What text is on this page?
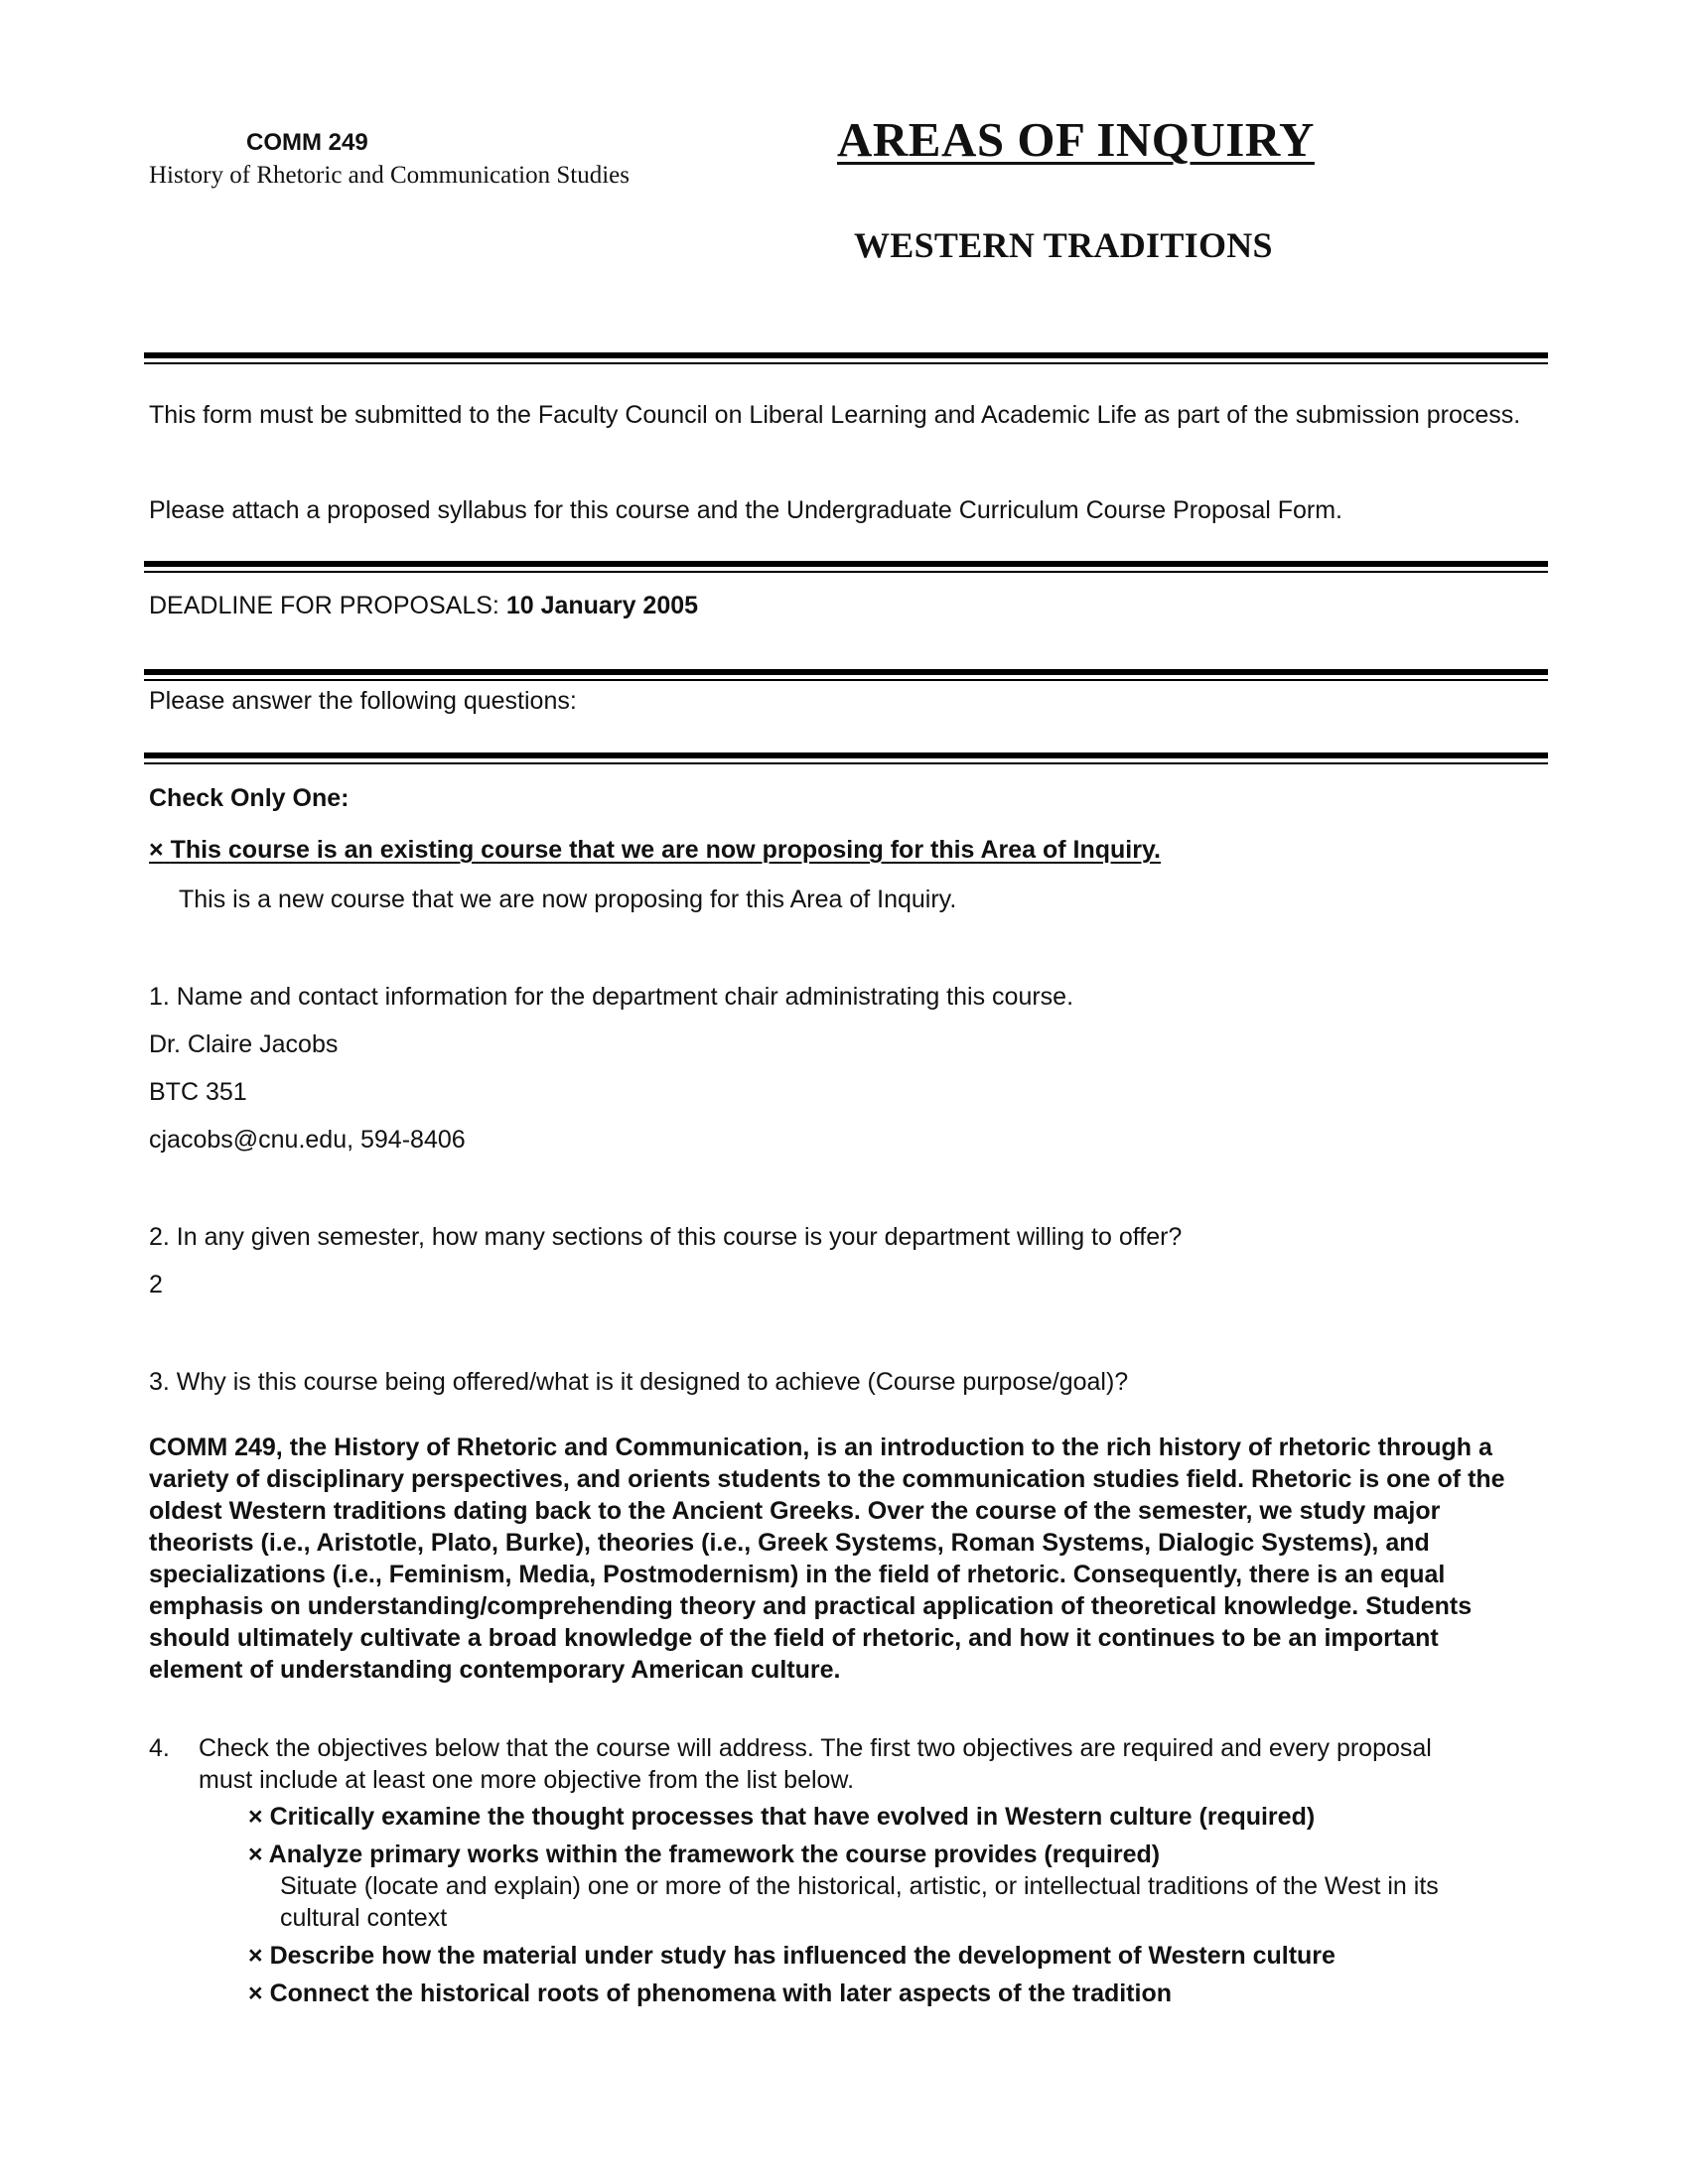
COMM 249
History of Rhetoric and Communication Studies
AREAS OF INQUIRY
WESTERN TRADITIONS
This form must be submitted to the Faculty Council on Liberal Learning and Academic Life as part of the submission process.
Please attach a proposed syllabus for this course and the Undergraduate Curriculum Course Proposal Form.
DEADLINE FOR PROPOSALS: 10 January 2005
Please answer the following questions:
Check Only One:
× This course is an existing course that we are now proposing for this Area of Inquiry.
This is a new course that we are now proposing for this Area of Inquiry.
1. Name and contact information for the department chair administrating this course.
Dr. Claire Jacobs
BTC 351
cjacobs@cnu.edu, 594-8406
2. In any given semester, how many sections of this course is your department willing to offer?
2
3. Why is this course being offered/what is it designed to achieve (Course purpose/goal)?
COMM 249, the History of Rhetoric and Communication, is an introduction to the rich history of rhetoric through a variety of disciplinary perspectives, and orients students to the communication studies field. Rhetoric is one of the oldest Western traditions dating back to the Ancient Greeks. Over the course of the semester, we study major theorists (i.e., Aristotle, Plato, Burke), theories (i.e., Greek Systems, Roman Systems, Dialogic Systems), and specializations (i.e., Feminism, Media, Postmodernism) in the field of rhetoric. Consequently, there is an equal emphasis on understanding/comprehending theory and practical application of theoretical knowledge. Students should ultimately cultivate a broad knowledge of the field of rhetoric, and how it continues to be an important element of understanding contemporary American culture.
4. Check the objectives below that the course will address. The first two objectives are required and every proposal must include at least one more objective from the list below.
× Critically examine the thought processes that have evolved in Western culture (required)
× Analyze primary works within the framework the course provides (required)
Situate (locate and explain) one or more of the historical, artistic, or intellectual traditions of the West in its cultural context
× Describe how the material under study has influenced the development of Western culture
× Connect the historical roots of phenomena with later aspects of the tradition
